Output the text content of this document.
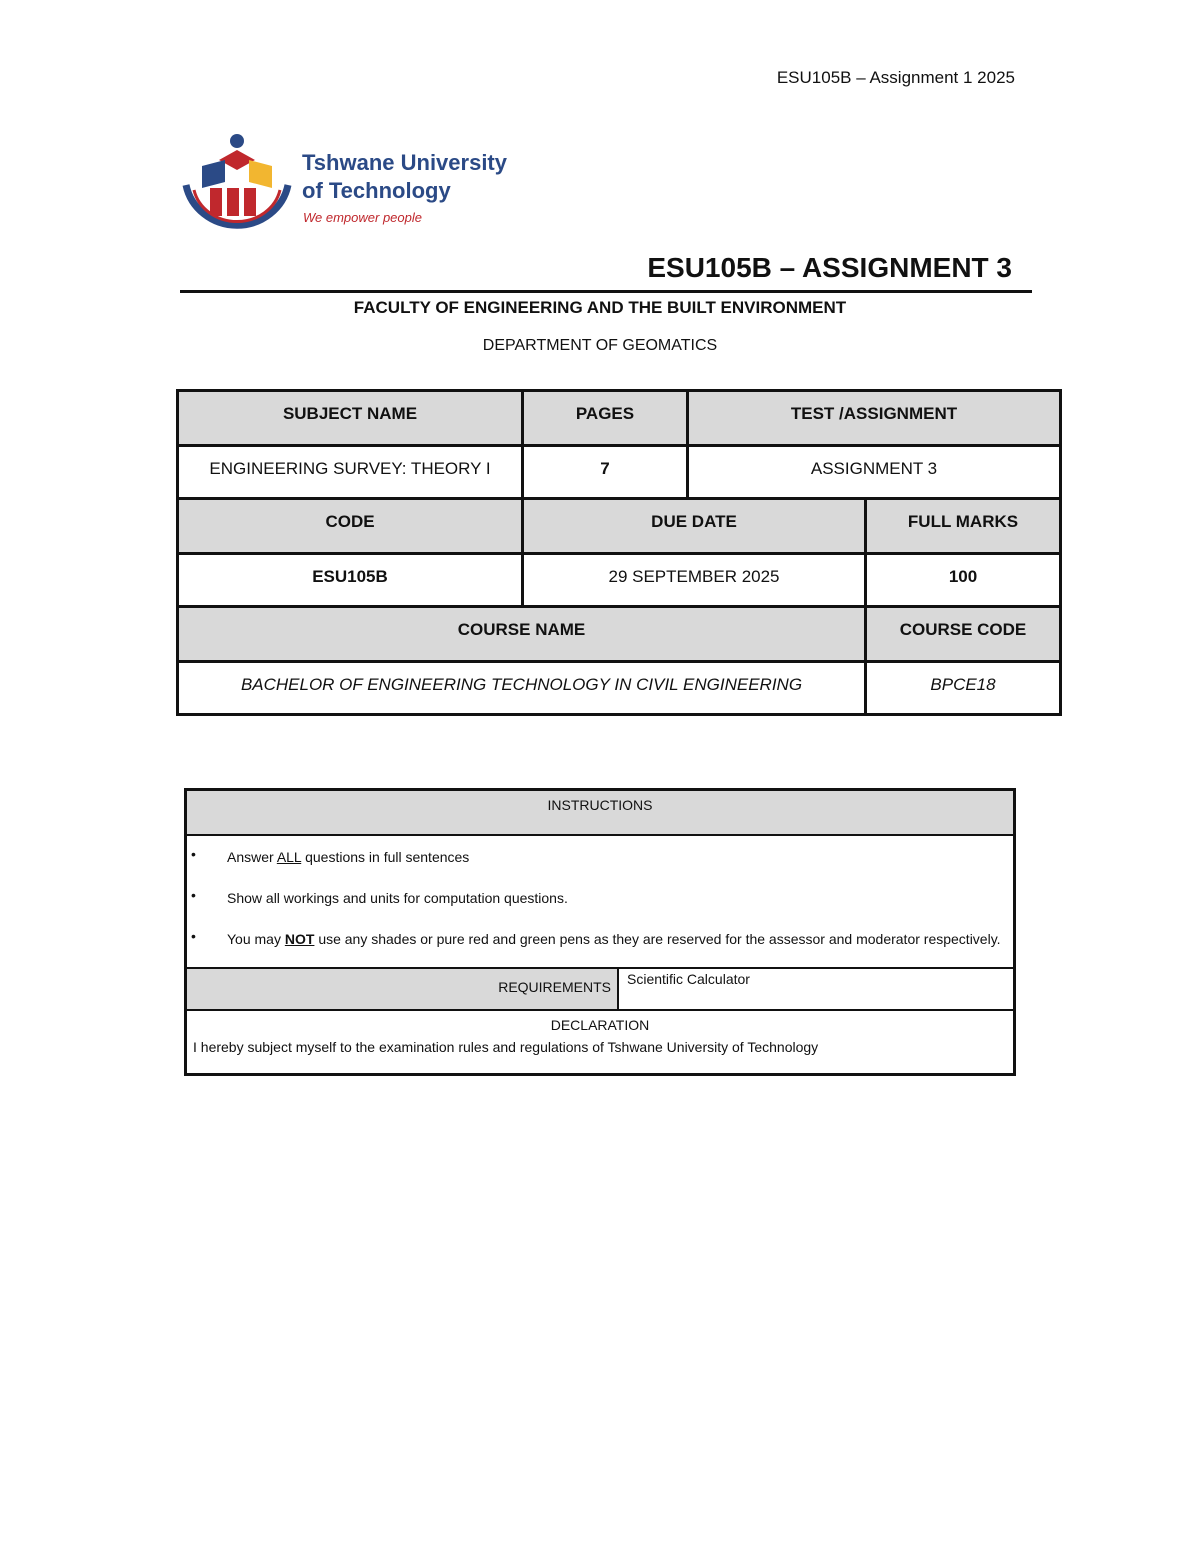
ESU105B – Assignment 1 2025
Tshwane University
of Technology
We empower people
ESU105B – ASSIGNMENT 3
FACULTY OF ENGINEERING AND THE BUILT ENVIRONMENT
DEPARTMENT OF GEOMATICS
SUBJECT NAME	PAGES	TEST /ASSIGNMENT	
ENGINEERING SURVEY: THEORY I	7	ASSIGNMENT 3	
CODE	DUE DATE		FULL MARKS
ESU105B	29 SEPTEMBER 2025		100
COURSE NAME			COURSE CODE
BACHELOR OF ENGINEERING TECHNOLOGY IN CIVIL ENGINEERING			BPCE18
INSTRUCTIONS

•	Answer ALL questions in full sentences
•	Show all workings and units for computation questions.
•	You may NOT use any shades or pure red and green pens as they are reserved for the assessor and moderator respectively.

REQUIREMENTS	Scientific Calculator

DECLARATION
I hereby subject myself to the examination rules and regulations of Tshwane University of Technology
